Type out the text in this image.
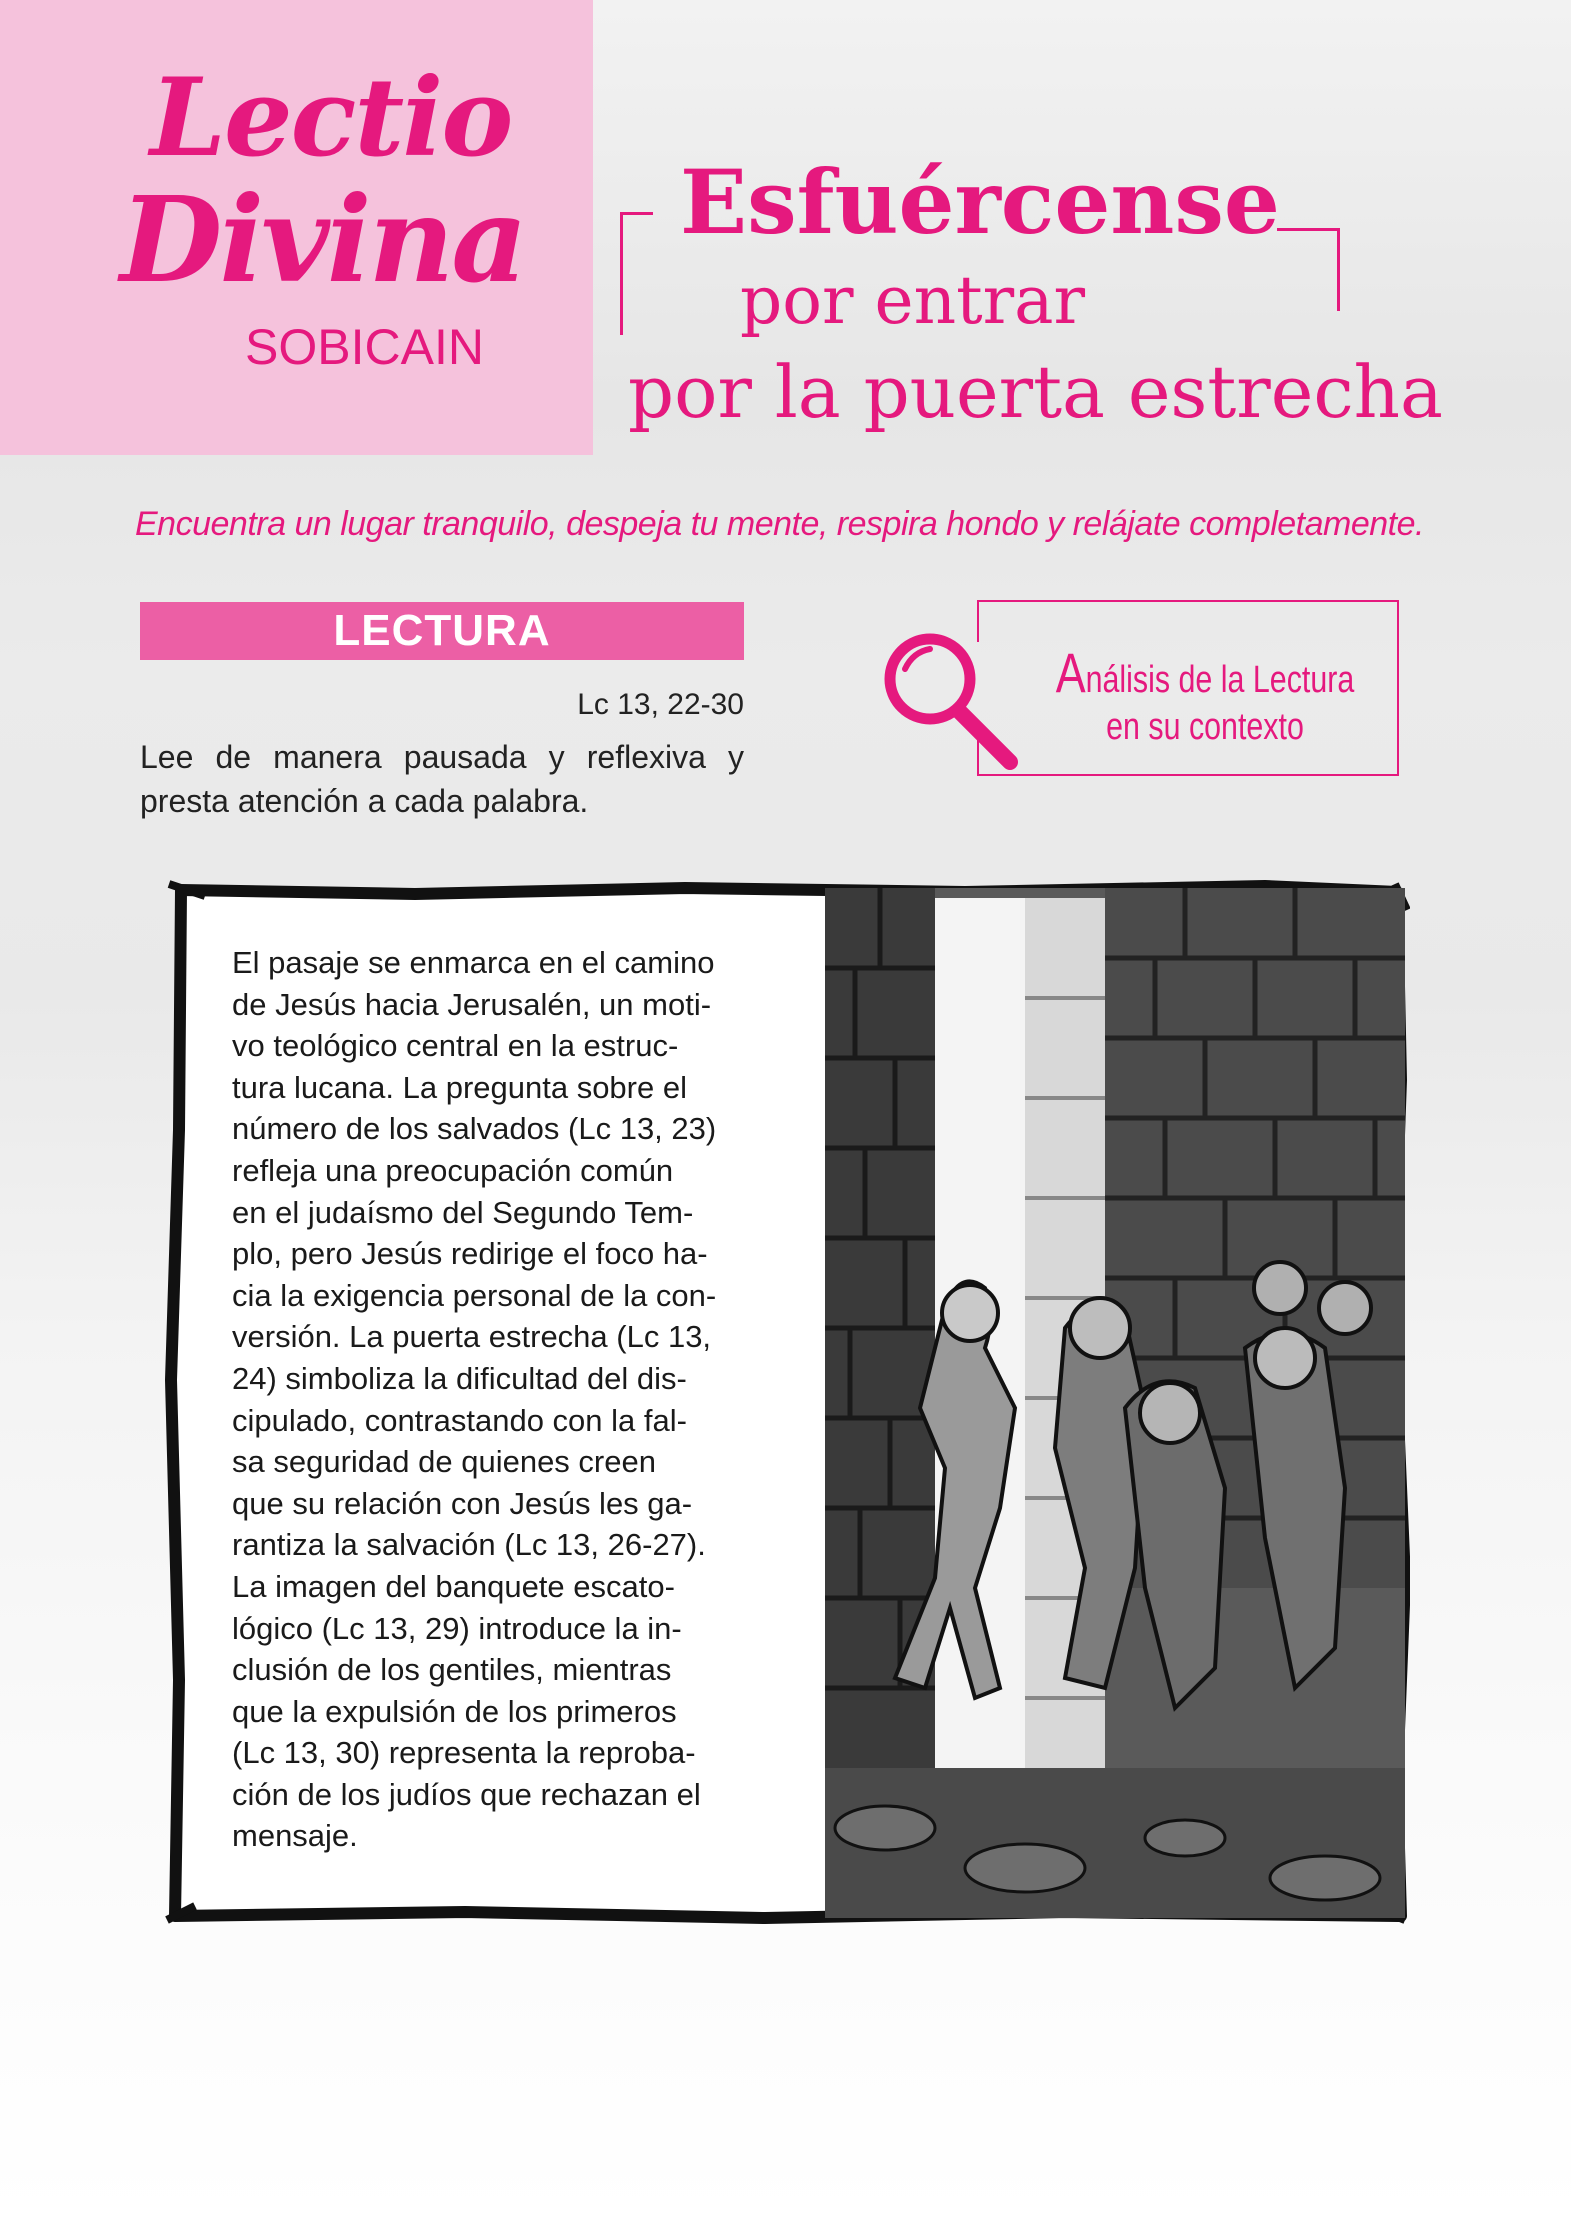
Lectio
Divina
SOBICAIN
Esfuércense
por entrar
por la puerta estrecha
Encuentra un lugar tranquilo, despeja tu mente, respira hondo y relájate completamente.
LECTURA
Lc 13, 22-30
Lee de manera pausada y reflexiva y presta atención a cada palabra.
Análisis de la Lectura
en su contexto
El pasaje se enmarca en el camino
de Jesús hacia Jerusalén, un moti-
vo teológico central en la estruc-
tura lucana. La pregunta sobre el
número de los salvados (Lc 13, 23)
refleja una preocupación común
en el judaísmo del Segundo Tem-
plo, pero Jesús redirige el foco ha-
cia la exigencia personal de la con-
versión. La puerta estrecha (Lc 13,
24) simboliza la dificultad del dis-
cipulado, contrastando con la fal-
sa seguridad de quienes creen
que su relación con Jesús les ga-
rantiza la salvación (Lc 13, 26-27).
La imagen del banquete escato-
lógico (Lc 13, 29) introduce la in-
clusión de los gentiles, mientras
que la expulsión de los primeros
(Lc 13, 30) representa la reproba-
ción de los judíos que rechazan el
mensaje.
